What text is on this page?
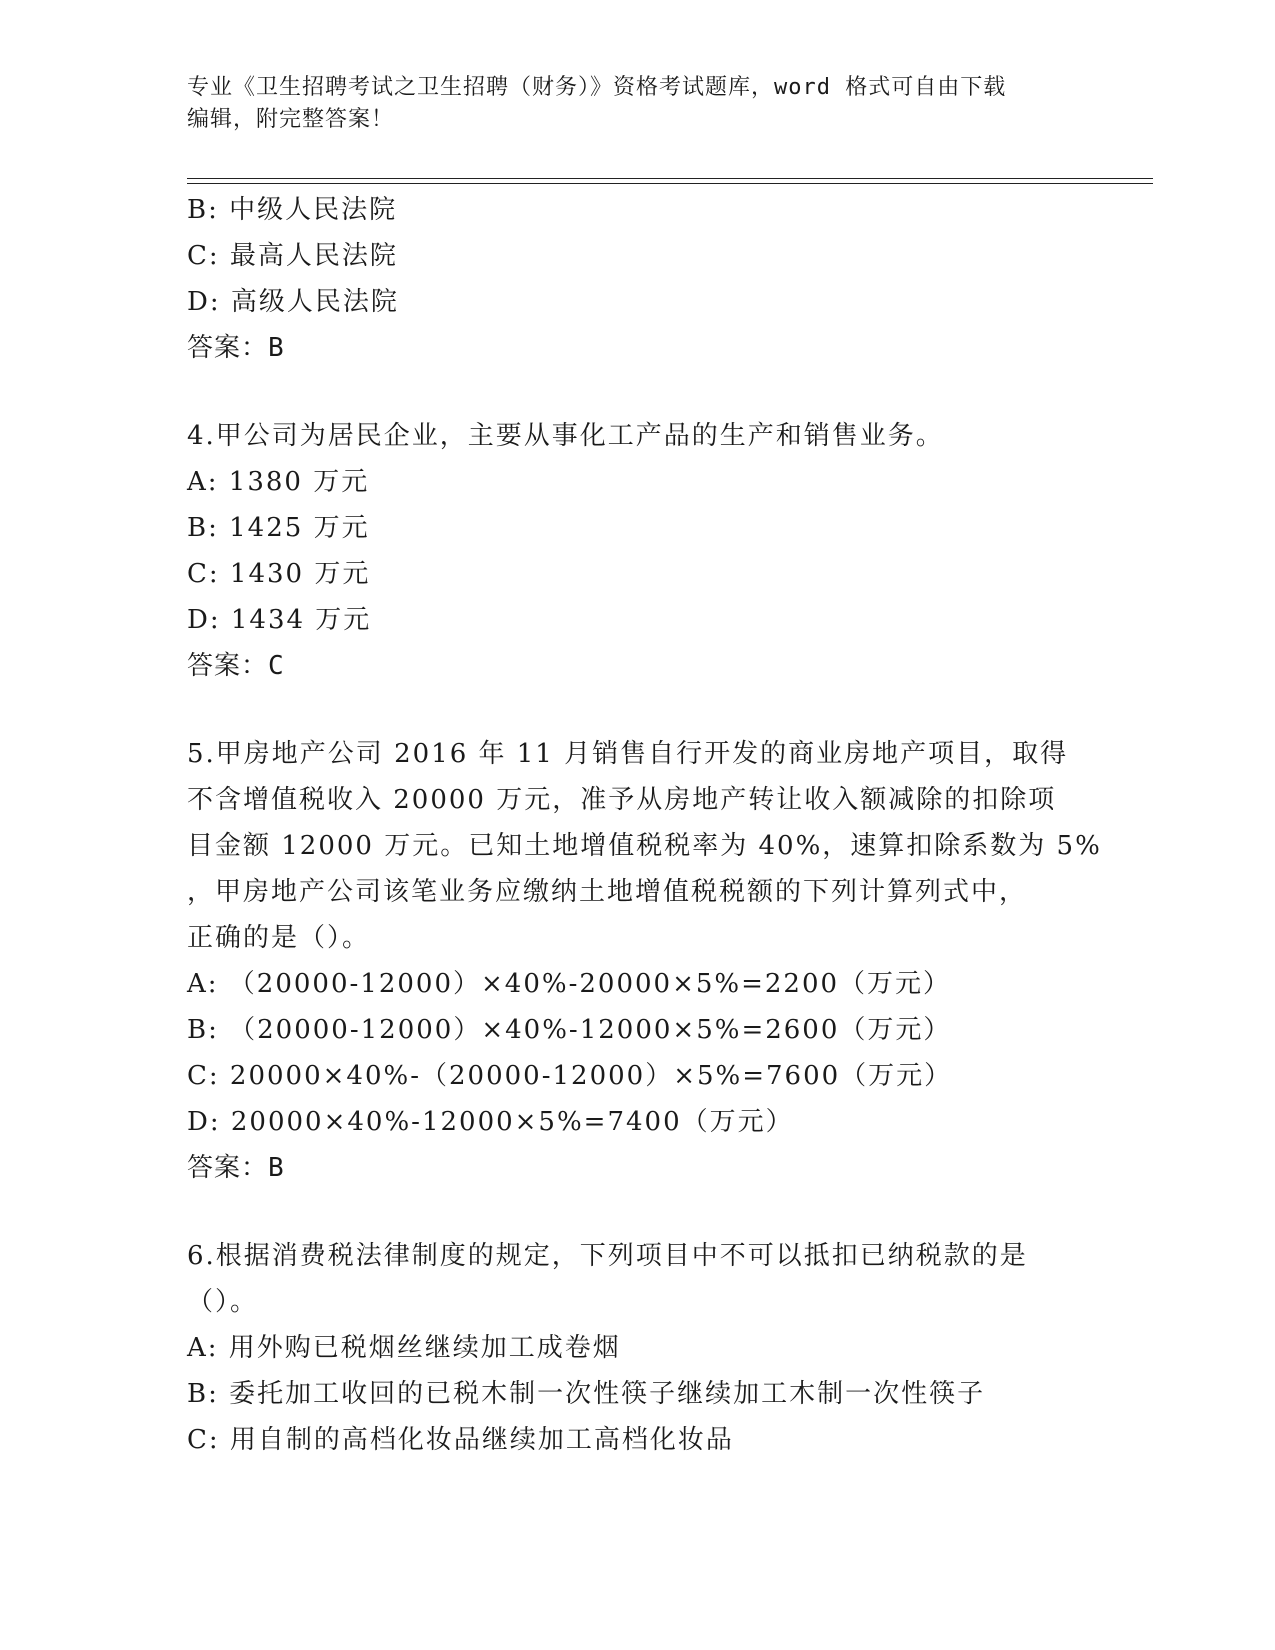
专业《卫生招聘考试之卫生招聘（财务）》资格考试题库，word 格式可自由下载
编辑，附完整答案！
B: 中级人民法院
C: 最高人民法院
D: 高级人民法院
答案：B
4.甲公司为居民企业，主要从事化工产品的生产和销售业务。
A: 1380 万元
B: 1425 万元
C: 1430 万元
D: 1434 万元
答案：C
5.甲房地产公司 2016 年 11 月销售自行开发的商业房地产项目，取得
不含增值税收入 20000 万元，准予从房地产转让收入额减除的扣除项
目金额 12000 万元。已知土地增值税税率为 40%，速算扣除系数为 5%
，甲房地产公司该笔业务应缴纳土地增值税税额的下列计算列式中，
正确的是（）。
A: （20000-12000）×40%-20000×5%=2200（万元）
B: （20000-12000）×40%-12000×5%=2600（万元）
C: 20000×40%-（20000-12000）×5%=7600（万元）
D: 20000×40%-12000×5%=7400（万元）
答案：B
6.根据消费税法律制度的规定，下列项目中不可以抵扣已纳税款的是
（）。
A: 用外购已税烟丝继续加工成卷烟
B: 委托加工收回的已税木制一次性筷子继续加工木制一次性筷子
C: 用自制的高档化妆品继续加工高档化妆品
